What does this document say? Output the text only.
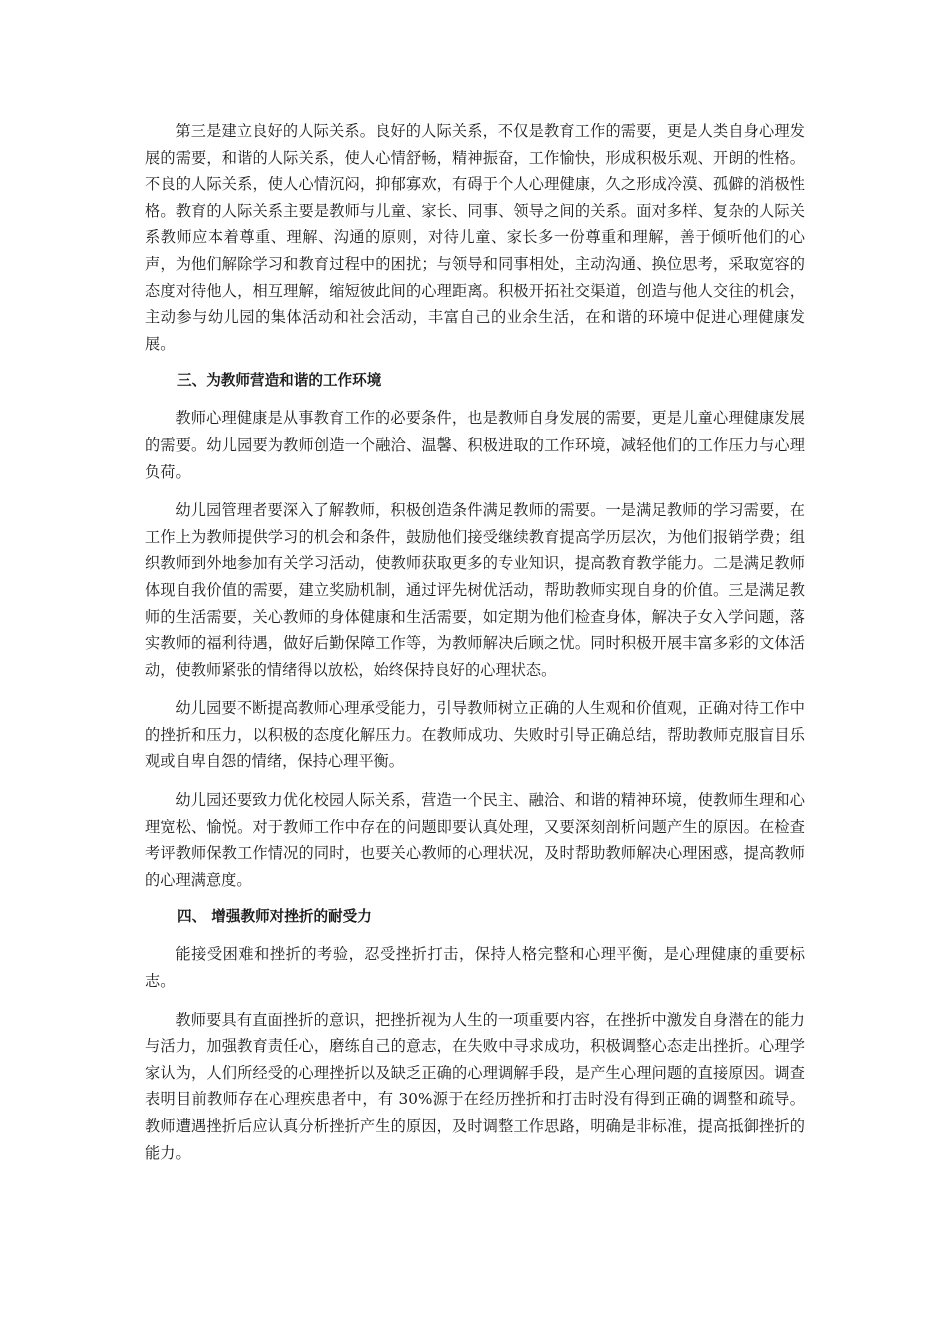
第三是建立良好的人际关系。良好的人际关系，不仅是教育工作的需要，更是人类自身心理发展的需要，和谐的人际关系，使人心情舒畅，精神振奋，工作愉快，形成积极乐观、开朗的性格。不良的人际关系，使人心情沉闷，抑郁寡欢，有碍于个人心理健康，久之形成冷漠、孤僻的消极性格。教育的人际关系主要是教师与儿童、家长、同事、领导之间的关系。面对多样、复杂的人际关系教师应本着尊重、理解、沟通的原则，对待儿童、家长多一份尊重和理解，善于倾听他们的心声，为他们解除学习和教育过程中的困扰；与领导和同事相处，主动沟通、换位思考，采取宽容的态度对待他人，相互理解，缩短彼此间的心理距离。积极开拓社交渠道，创造与他人交往的机会，主动参与幼儿园的集体活动和社会活动，丰富自己的业余生活，在和谐的环境中促进心理健康发展。

三、为教师营造和谐的工作环境

教师心理健康是从事教育工作的必要条件，也是教师自身发展的需要，更是儿童心理健康发展的需要。幼儿园要为教师创造一个融洽、温馨、积极进取的工作环境，减轻他们的工作压力与心理负荷。

幼儿园管理者要深入了解教师，积极创造条件满足教师的需要。一是满足教师的学习需要，在工作上为教师提供学习的机会和条件，鼓励他们接受继续教育提高学历层次，为他们报销学费；组织教师到外地参加有关学习活动，使教师获取更多的专业知识，提高教育教学能力。二是满足教师体现自我价值的需要，建立奖励机制，通过评先树优活动，帮助教师实现自身的价值。三是满足教师的生活需要，关心教师的身体健康和生活需要，如定期为他们检查身体，解决子女入学问题，落实教师的福利待遇，做好后勤保障工作等，为教师解决后顾之忧。同时积极开展丰富多彩的文体活动，使教师紧张的情绪得以放松，始终保持良好的心理状态。

幼儿园要不断提高教师心理承受能力，引导教师树立正确的人生观和价值观，正确对待工作中的挫折和压力，以积极的态度化解压力。在教师成功、失败时引导正确总结，帮助教师克服盲目乐观或自卑自怨的情绪，保持心理平衡。

幼儿园还要致力优化校园人际关系，营造一个民主、融洽、和谐的精神环境，使教师生理和心理宽松、愉悦。对于教师工作中存在的问题即要认真处理，又要深刻剖析问题产生的原因。在检查考评教师保教工作情况的同时，也要关心教师的心理状况，及时帮助教师解决心理困惑，提高教师的心理满意度。

四、 增强教师对挫折的耐受力

能接受困难和挫折的考验，忍受挫折打击，保持人格完整和心理平衡，是心理健康的重要标志。

教师要具有直面挫折的意识，把挫折视为人生的一项重要内容，在挫折中激发自身潜在的能力与活力，加强教育责任心，磨练自己的意志，在失败中寻求成功，积极调整心态走出挫折。心理学家认为，人们所经受的心理挫折以及缺乏正确的心理调解手段，是产生心理问题的直接原因。调查表明目前教师存在心理疾患者中，有 30%源于在经历挫折和打击时没有得到正确的调整和疏导。教师遭遇挫折后应认真分析挫折产生的原因，及时调整工作思路，明确是非标准，提高抵御挫折的能力。
